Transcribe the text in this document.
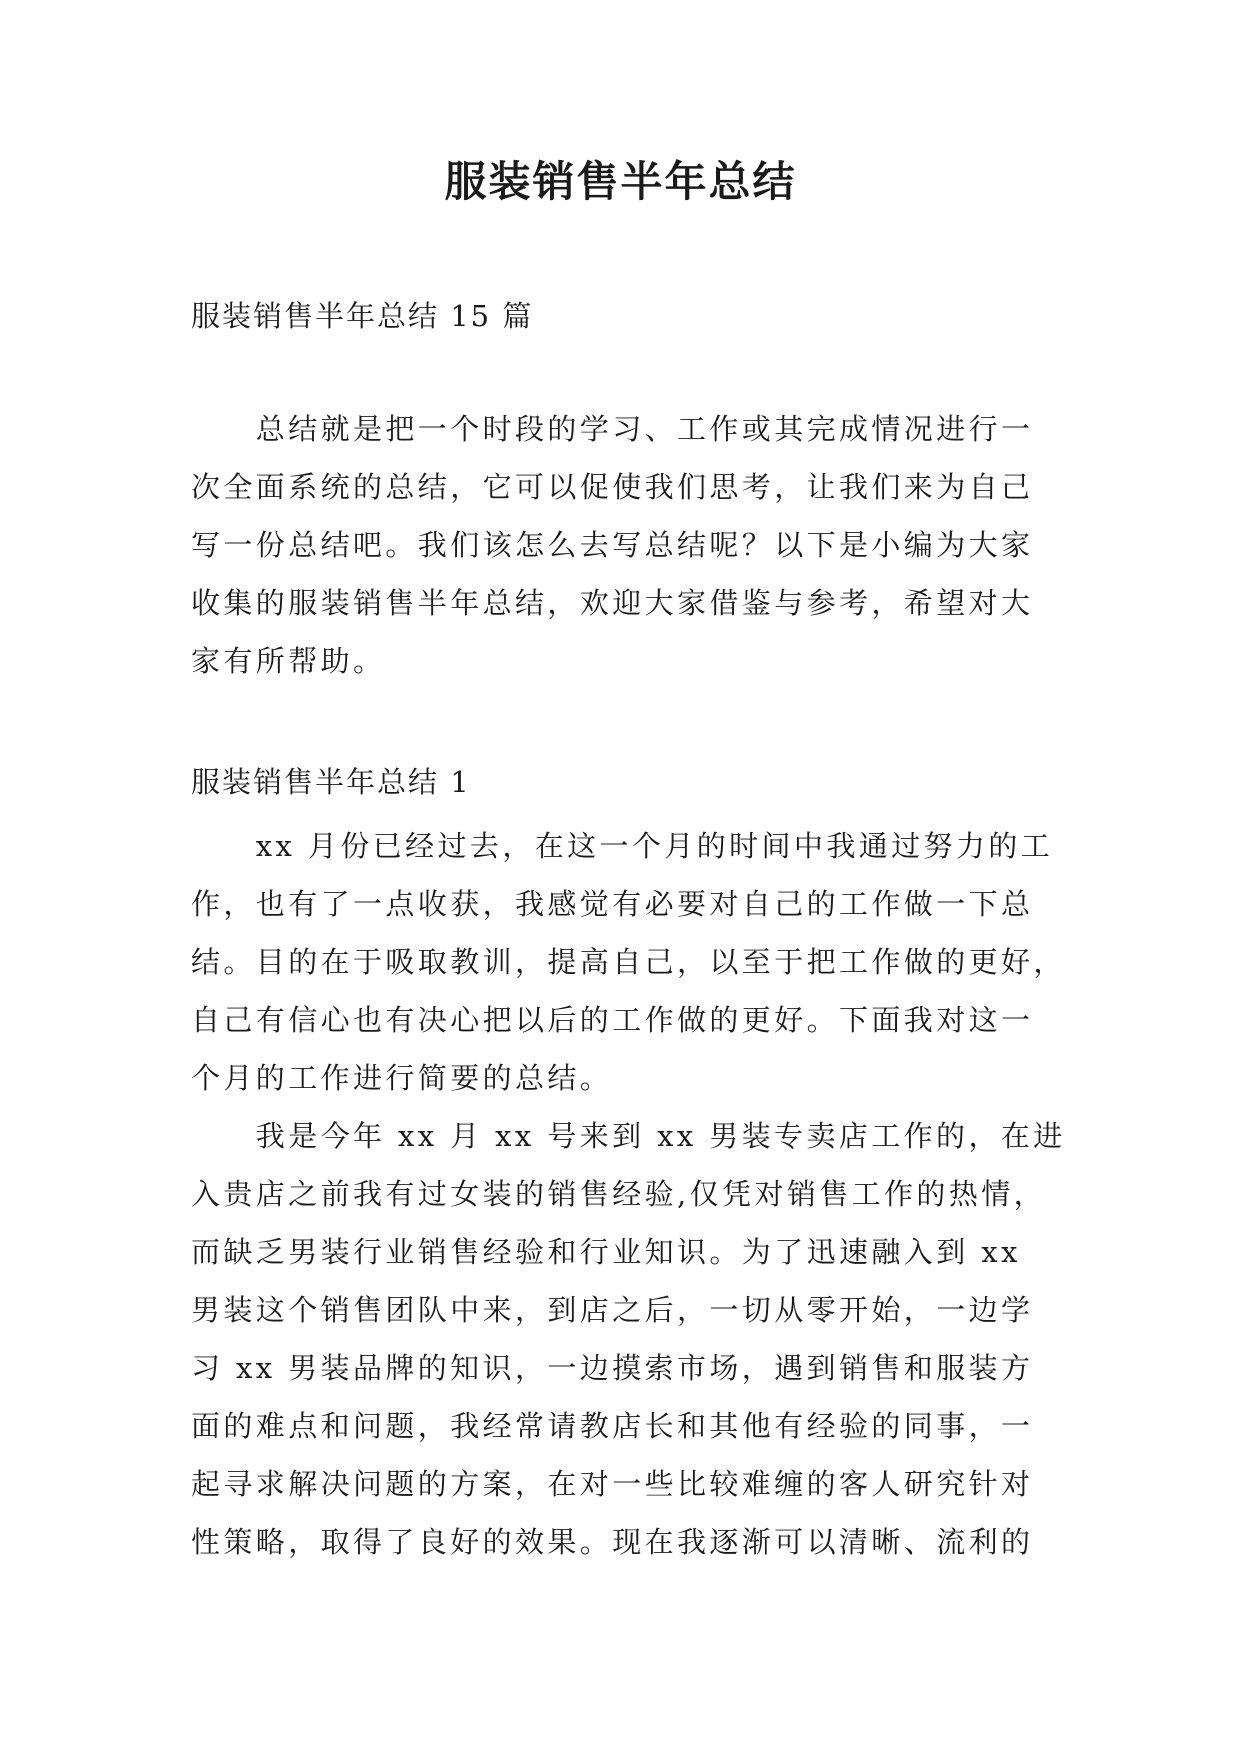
服装销售半年总结

服装销售半年总结 15 篇

　　总结就是把一个时段的学习、工作或其完成情况进行一
次全面系统的总结，它可以促使我们思考，让我们来为自己
写一份总结吧。我们该怎么去写总结呢？以下是小编为大家
收集的服装销售半年总结，欢迎大家借鉴与参考，希望对大
家有所帮助。

服装销售半年总结 1

　　xx 月份已经过去，在这一个月的时间中我通过努力的工
作，也有了一点收获，我感觉有必要对自己的工作做一下总
结。目的在于吸取教训，提高自己，以至于把工作做的更好，
自己有信心也有决心把以后的工作做的更好。下面我对这一
个月的工作进行简要的总结。
　　我是今年 xx 月 xx 号来到 xx 男装专卖店工作的，在进
入贵店之前我有过女装的销售经验,仅凭对销售工作的热情，
而缺乏男装行业销售经验和行业知识。为了迅速融入到 xx
男装这个销售团队中来，到店之后，一切从零开始，一边学
习 xx 男装品牌的知识，一边摸索市场，遇到销售和服装方
面的难点和问题，我经常请教店长和其他有经验的同事，一
起寻求解决问题的方案，在对一些比较难缠的客人研究针对
性策略，取得了良好的效果。现在我逐渐可以清晰、流利的
